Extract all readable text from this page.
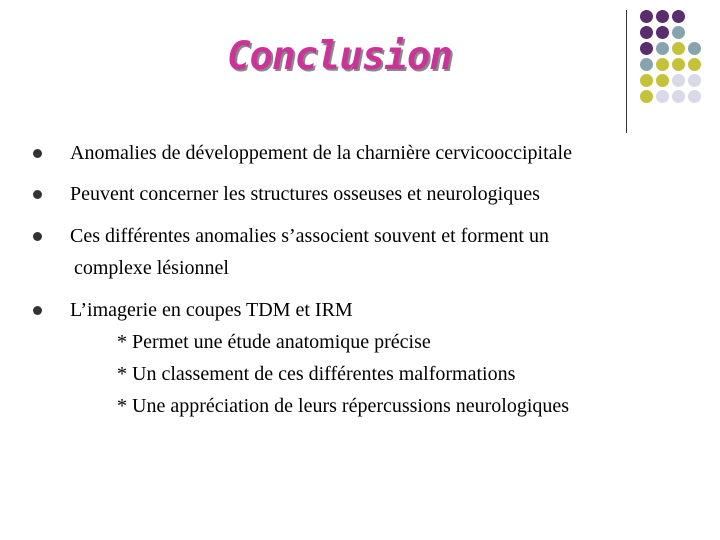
Conclusion
Anomalies de développement de la charnière cervicooccipitale
Peuvent concerner les structures osseuses et neurologiques
Ces différentes anomalies s’associent souvent et forment un
complexe lésionnel
L’imagerie en coupes TDM et IRM
* Permet une étude anatomique précise
* Un classement de ces différentes malformations
* Une appréciation de leurs répercussions neurologiques
